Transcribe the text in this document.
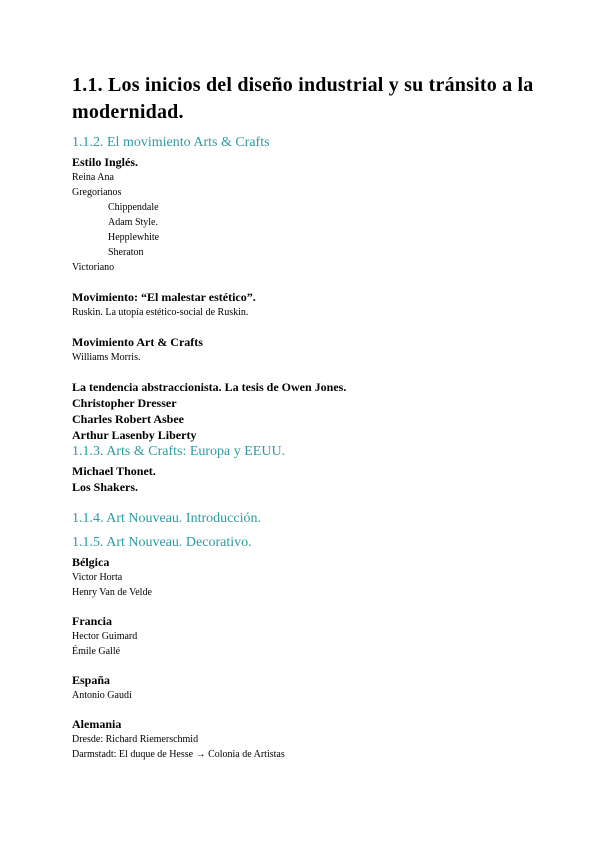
1.1. Los inicios del diseño industrial y su tránsito a la modernidad.
1.1.2. El movimiento Arts & Crafts
Estilo Inglés.
Reina Ana
Gregorianos
Chippendale
Adam Style.
Hepplewhite
Sheraton
Victoriano
Movimiento: “El malestar estético”.
Ruskin. La utopía estético-social de Ruskin.
Movimiento Art & Crafts
Williams Morris.
La tendencia abstraccionista. La tesis de Owen Jones.
Christopher Dresser
Charles Robert Asbee
Arthur Lasenby Liberty
1.1.3. Arts & Crafts: Europa y EEUU.
Michael Thonet.
Los Shakers.
1.1.4. Art Nouveau. Introducción.
1.1.5. Art Nouveau. Decorativo.
Bélgica
Victor Horta
Henry Van de Velde
Francia
Hector Guimard
Émile Gallé
España
Antonio Gaudí
Alemania
Dresde: Richard Riemerschmid
Darmstadt: El duque de Hesse → Colonia de Artistas
